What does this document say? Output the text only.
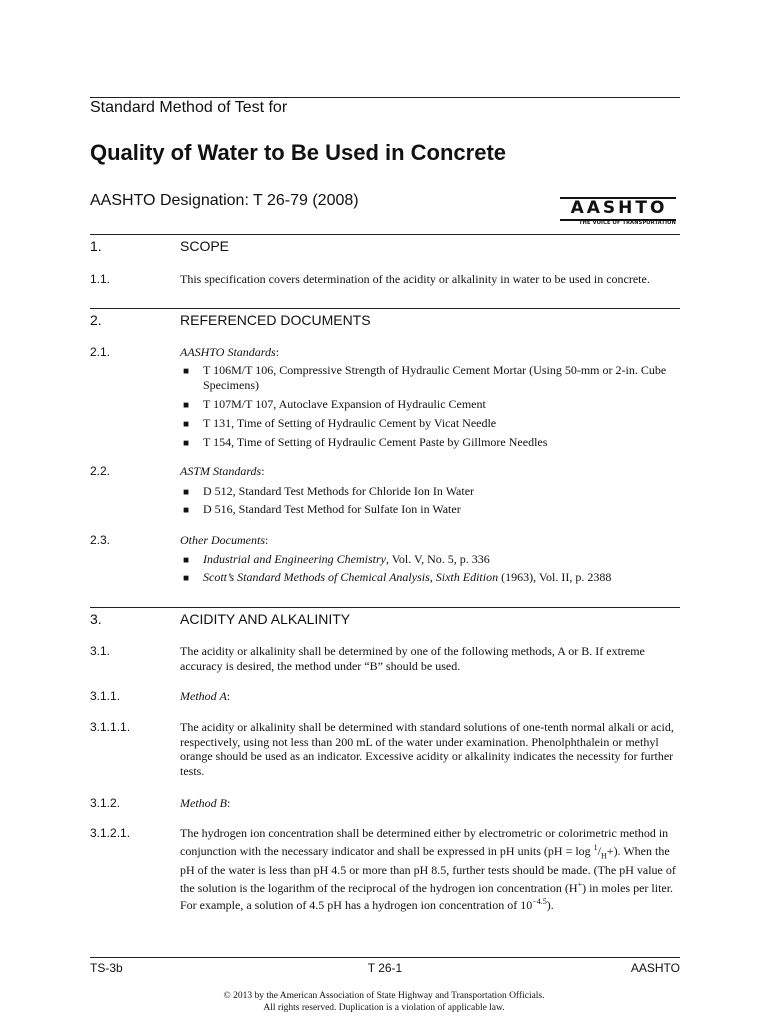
Standard Method of Test for
Quality of Water to Be Used in Concrete
AASHTO Designation: T 26-79 (2008)	AASHTO
THE VOICE OF TRANSPORTATION
1.	SCOPE
1.1.	This specification covers determination of the acidity or alkalinity in water to be used in concrete.
2.	REFERENCED DOCUMENTS
2.1.	AASHTO Standards:
■ T 106M/T 106, Compressive Strength of Hydraulic Cement Mortar (Using 50-mm or 2-in. Cube Specimens)
■ T 107M/T 107, Autoclave Expansion of Hydraulic Cement
■ T 131, Time of Setting of Hydraulic Cement by Vicat Needle
■ T 154, Time of Setting of Hydraulic Cement Paste by Gillmore Needles
2.2.	ASTM Standards:
■ D 512, Standard Test Methods for Chloride Ion In Water
■ D 516, Standard Test Method for Sulfate Ion in Water
2.3.	Other Documents:
■ Industrial and Engineering Chemistry, Vol. V, No. 5, p. 336
■ Scott’s Standard Methods of Chemical Analysis, Sixth Edition (1963), Vol. II, p. 2388
3.	ACIDITY AND ALKALINITY
3.1.	The acidity or alkalinity shall be determined by one of the following methods, A or B. If extreme accuracy is desired, the method under “B” should be used.
3.1.1.	Method A:
3.1.1.1.	The acidity or alkalinity shall be determined with standard solutions of one-tenth normal alkali or acid, respectively, using not less than 200 mL of the water under examination. Phenolphthalein or methyl orange should be used as an indicator. Excessive acidity or alkalinity indicates the necessity for further tests.
3.1.2.	Method B:
3.1.2.1.	The hydrogen ion concentration shall be determined either by electrometric or colorimetric method in conjunction with the necessary indicator and shall be expressed in pH units $(pH = \log ^1/_H+)$. When the pH of the water is less than pH 4.5 or more than pH 8.5, further tests should be made. (The pH value of the solution is the logarithm of the reciprocal of the hydrogen ion concentration (H+) in moles per liter. For example, a solution of 4.5 pH has a hydrogen ion concentration of $10^{-4.5}$).
TS-3b	T 26-1	AASHTO
© 2013 by the American Association of State Highway and Transportation Officials.
All rights reserved. Duplication is a violation of applicable law.
